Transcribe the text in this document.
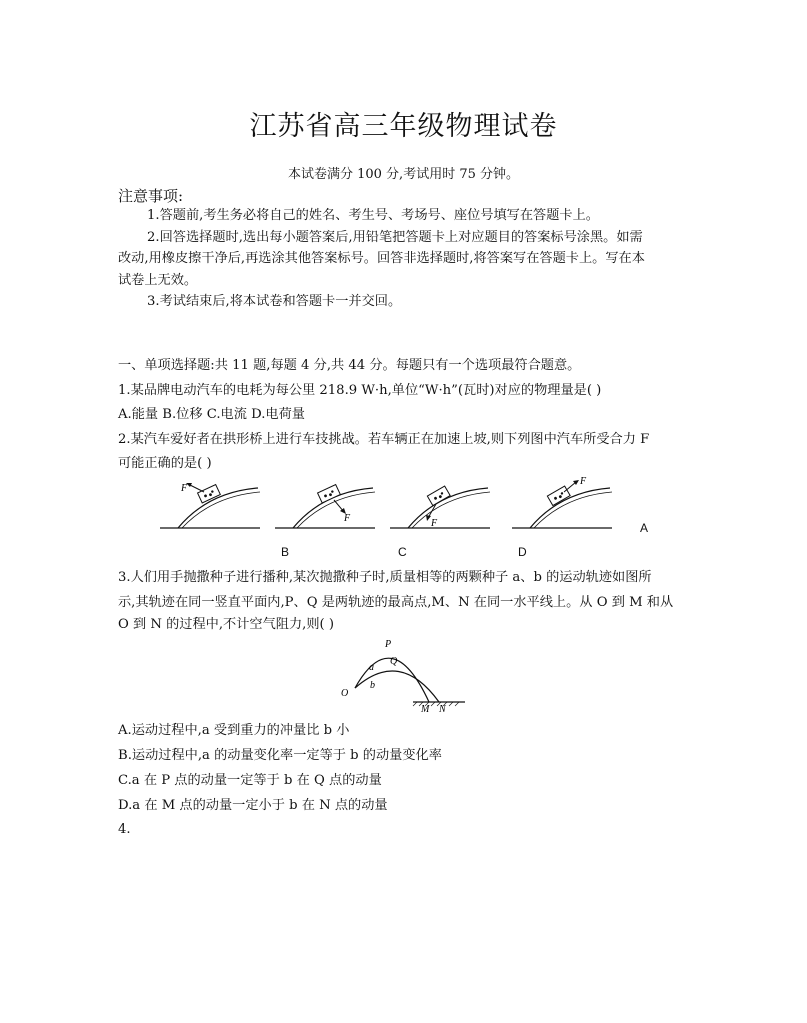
江苏省高三年级物理试卷
本试卷满分 100 分,考试用时 75 分钟。
注意事项:
1.答题前,考生务必将自己的姓名、考生号、考场号、座位号填写在答题卡上。
2.回答选择题时,选出每小题答案后,用铅笔把答题卡上对应题目的答案标号涂黑。如需
改动,用橡皮擦干净后,再选涂其他答案标号。回答非选择题时,将答案写在答题卡上。写在本
试卷上无效。
3.考试结束后,将本试卷和答题卡一并交回。
一、单项选择题:共 11 题,每题 4 分,共 44 分。每题只有一个选项最符合题意。
1.某品牌电动汽车的电耗为每公里 218.9 W·h,单位“W·h”(瓦时)对应的物理量是( )
A.能量 B.位移 C.电流 D.电荷量
2.某汽车爱好者在拱形桥上进行车技挑战。若车辆正在加速上坡,则下列图中汽车所受合力 F
可能正确的是( )
F
F	F
F
A
B	C	D
3.人们用手抛撒种子进行播种,某次抛撒种子时,质量相等的两颗种子 a、b 的运动轨迹如图所
示,其轨迹在同一竖直平面内,P、Q 是两轨迹的最高点,M、N 在同一水平线上。从 O 到 M 和从
O 到 N 的过程中,不计空气阻力,则( )
P
Q
a
b
O
M N
A.运动过程中,a 受到重力的冲量比 b 小
B.运动过程中,a 的动量变化率一定等于 b 的动量变化率
C.a 在 P 点的动量一定等于 b 在 Q 点的动量
D.a 在 M 点的动量一定小于 b 在 N 点的动量
4.
